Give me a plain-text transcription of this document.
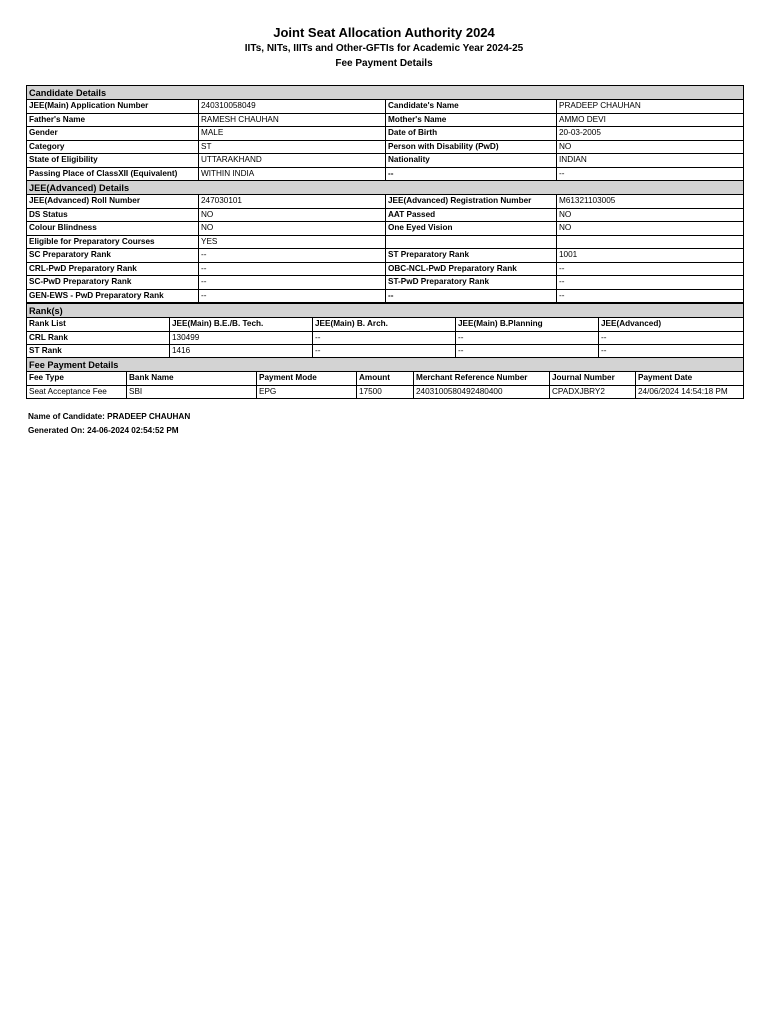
Joint Seat Allocation Authority 2024
IITs, NITs, IIITs and Other-GFTIs for Academic Year 2024-25
Fee Payment Details
Candidate Details			
JEE(Main) Application Number	240310058049	Candidate's Name	PRADEEP CHAUHAN
Father's Name	RAMESH CHAUHAN	Mother's Name	AMMO DEVI
Gender	MALE	Date of Birth	20-03-2005
Category	ST	Person with Disability (PwD)	NO
State of Eligibility	UTTARAKHAND	Nationality	INDIAN
Passing Place of ClassXII (Equivalent)	WITHIN INDIA	--	--
JEE(Advanced) Details			
JEE(Advanced) Roll Number	247030101	JEE(Advanced) Registration Number	M61321103005
DS Status	NO	AAT Passed	NO
Colour Blindness	NO	One Eyed Vision	NO
Eligible for Preparatory Courses	YES		
SC Preparatory Rank	--	ST Preparatory Rank	1001
CRL-PwD Preparatory Rank	--	OBC-NCL-PwD Preparatory Rank	--
SC-PwD Preparatory Rank	--	ST-PwD Preparatory Rank	--
GEN-EWS - PwD Preparatory Rank	--	--	--
Rank(s)				
Rank List	JEE(Main) B.E./B. Tech.	JEE(Main) B. Arch.	JEE(Main) B.Planning	JEE(Advanced)
CRL Rank	130499	--	--	--
ST Rank	1416	--	--	--
Fee Payment Details						
Fee Type	Bank Name	Payment Mode	Amount	Merchant Reference Number	Journal Number	Payment Date
Seat Acceptance Fee	SBI	EPG	17500	2403100580492480400	CPADXJBRY2	24/06/2024 14:54:18 PM
Name of Candidate: PRADEEP CHAUHAN
Generated On: 24-06-2024 02:54:52 PM
